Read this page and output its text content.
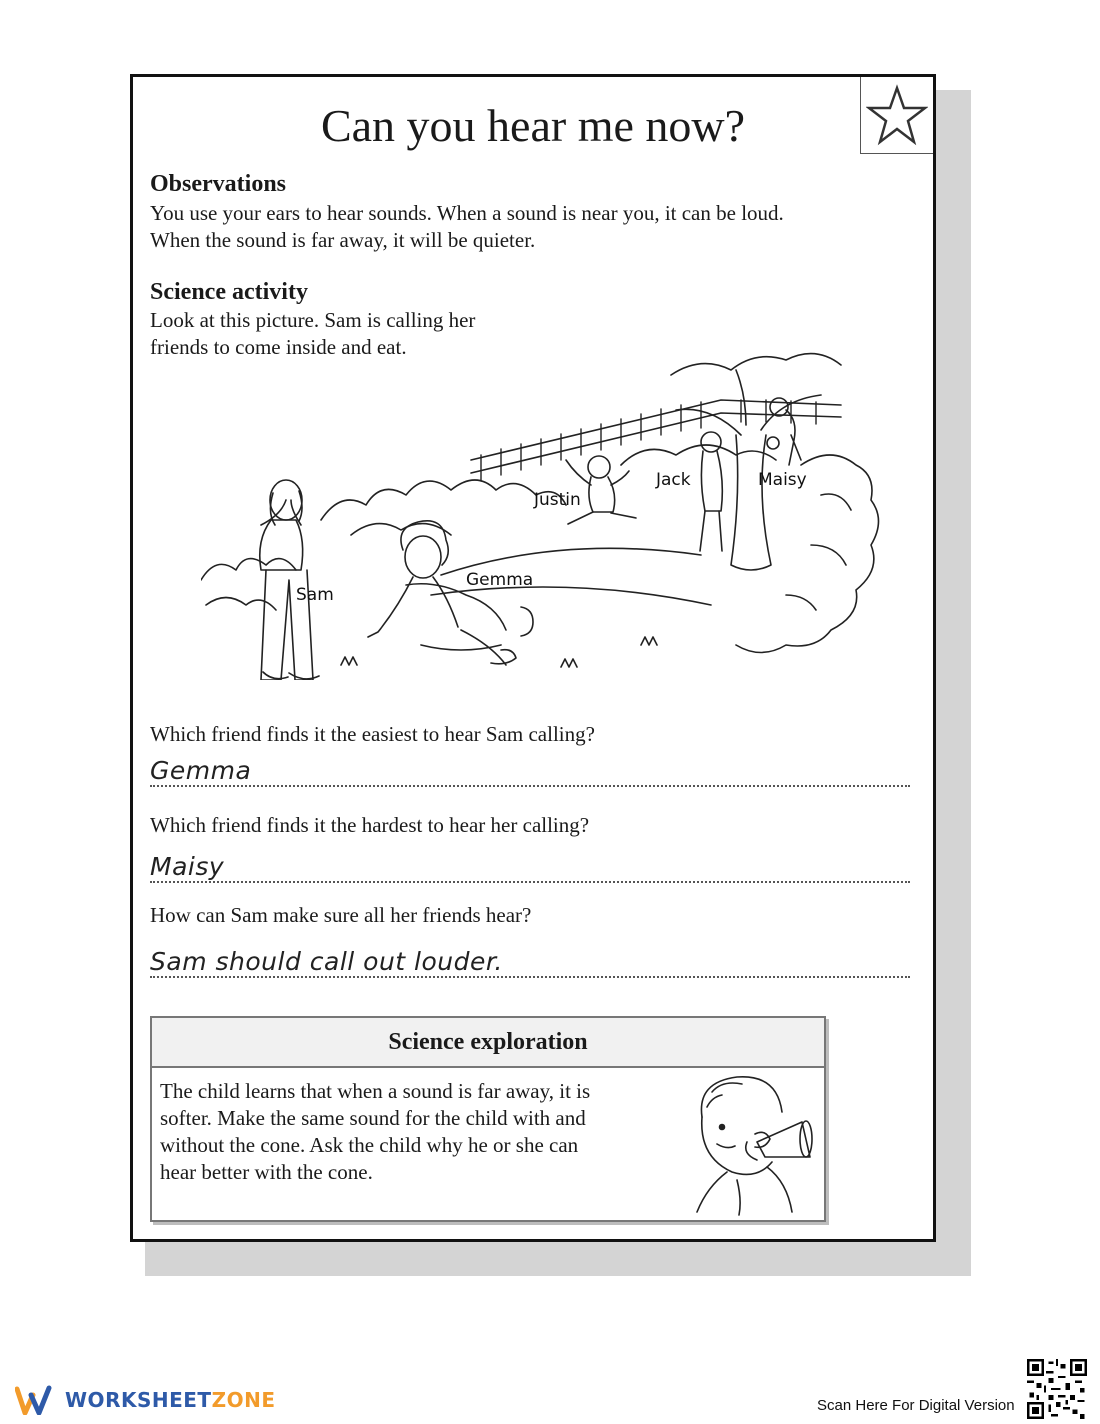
Can you hear me now?
Observations

You use your ears to hear sounds. When a sound is near you, it can be loud.
When the sound is far away, it will be quieter.

Science activity

Look at this picture. Sam is calling her
friends to come inside and eat.

Sam
Gemma
Justin
Jack	Maisy

Which friend finds it the easiest to hear Sam calling?

Gemma

Which friend finds it the hardest to hear her calling?

Maisy

How can Sam make sure all her friends hear?

Sam should call out louder.
Science exploration
The child learns that when a sound is far away, it is
softer. Make the same sound for the child with and
without the cone. Ask the child why he or she can
hear better with the cone.
WORKSHEETZONE	Scan Here For Digital Version
